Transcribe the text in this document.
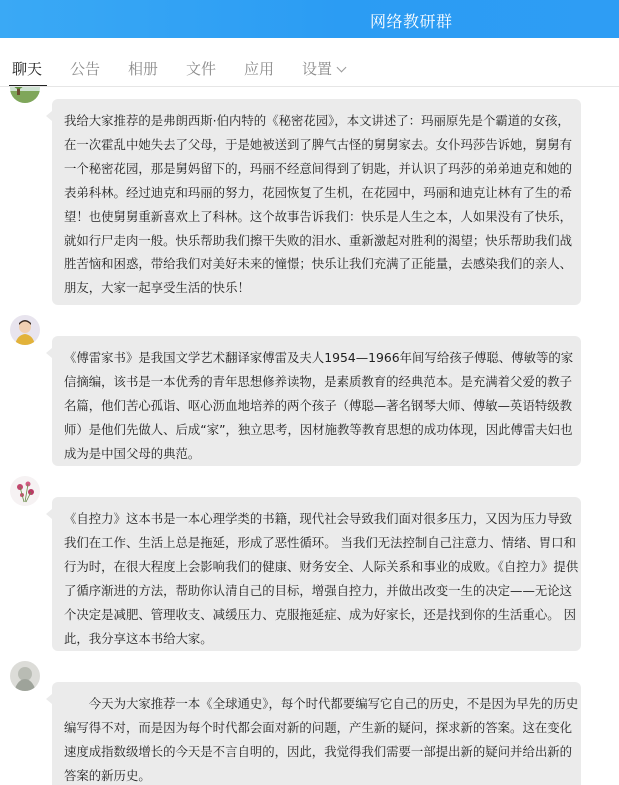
网络教研群
聊天 公告 相册 文件 应用 设置
我给大家推荐的是弗朗西斯·伯内特的《秘密花园》，本文讲述了：玛丽原先是个霸道的女孩，在一次霍乱中她失去了父母，于是她被送到了脾气古怪的舅舅家去。女仆玛莎告诉她，舅舅有一个秘密花园，那是舅妈留下的，玛丽不经意间得到了钥匙，并认识了玛莎的弟弟迪克和她的表弟科林。经过迪克和玛丽的努力，花园恢复了生机，在花园中，玛丽和迪克让林有了生的希望！也使舅舅重新喜欢上了科林。这个故事告诉我们：快乐是人生之本，人如果没有了快乐，就如行尸走肉一般。快乐帮助我们擦干失败的泪水、重新激起对胜利的渴望；快乐帮助我们战胜苦恼和困惑，带给我们对美好未来的憧憬；快乐让我们充满了正能量，去感染我们的亲人、朋友，大家一起享受生活的快乐！
《傅雷家书》是我国文学艺术翻译家傅雷及夫人1954—1966年间写给孩子傅聪、傅敏等的家信摘编，该书是一本优秀的青年思想修养读物，是素质教育的经典范本。是充满着父爱的教子名篇，他们苦心孤诣、呕心沥血地培养的两个孩子（傅聪—著名钢琴大师、傅敏—英语特级教师）是他们先做人、后成“家”，独立思考，因材施教等教育思想的成功体现，因此傅雷夫妇也成为是中国父母的典范。
《自控力》这本书是一本心理学类的书籍，现代社会导致我们面对很多压力，又因为压力导致我们在工作、生活上总是拖延，形成了恶性循环。 当我们无法控制自己注意力、情绪、胃口和行为时，在很大程度上会影响我们的健康、财务安全、人际关系和事业的成败。《自控力》提供了循序渐进的方法，帮助你认清自己的目标，增强自控力，并做出改变一生的决定——无论这个决定是减肥、管理收支、减缓压力、克服拖延症、成为好家长，还是找到你的生活重心。 因此，我分享这本书给大家。
今天为大家推荐一本《全球通史》，每个时代都要编写它自己的历史，不是因为早先的历史编写得不对，而是因为每个时代都会面对新的问题，产生新的疑问，探求新的答案。这在变化速度成指数级增长的今天是不言自明的，因此，我觉得我们需要一部提出新的疑问并给出新的答案的新历史。
